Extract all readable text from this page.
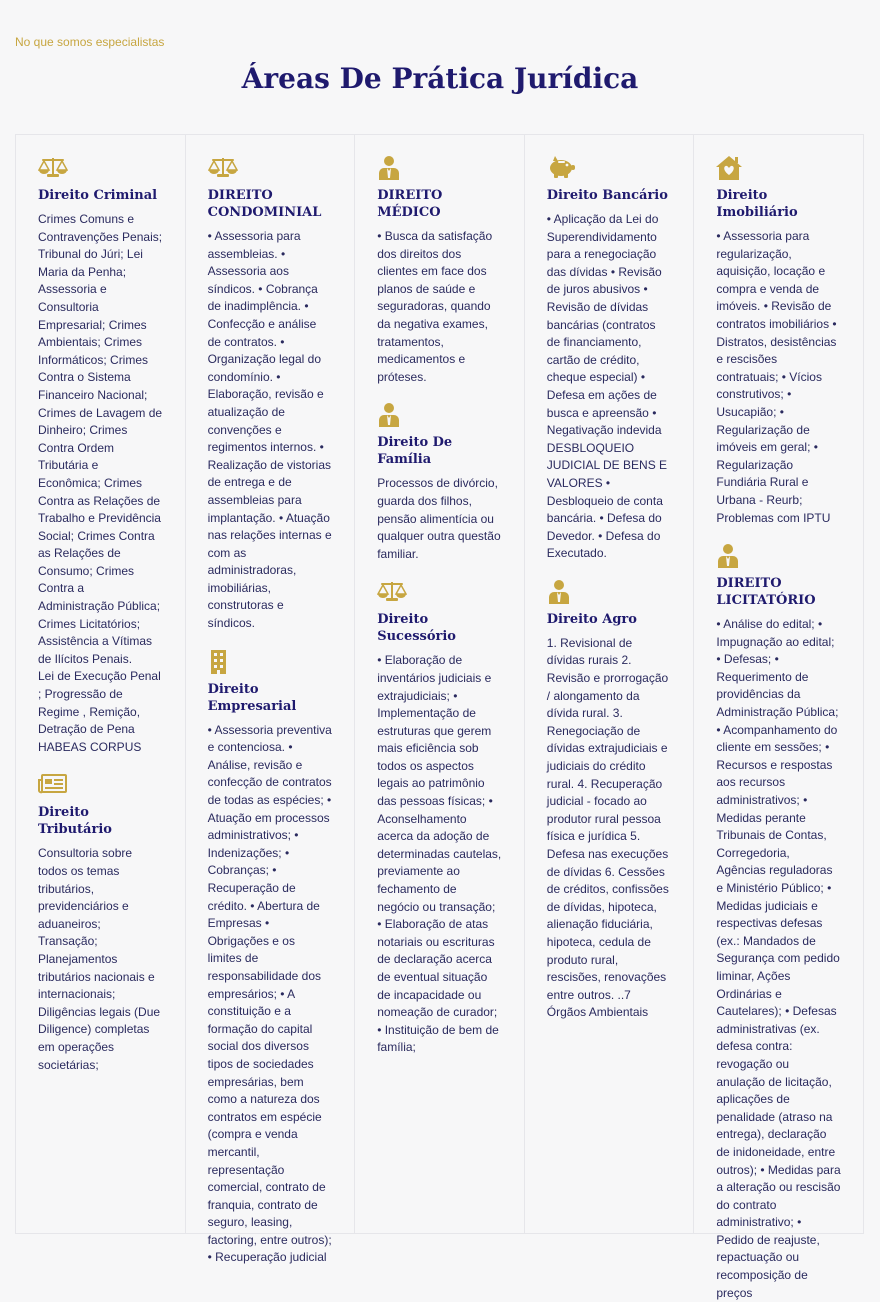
No que somos especialistas
Áreas De Prática Jurídica
Direito Criminal

Crimes Comuns e Contravenções Penais; Tribunal do Júri; Lei Maria da Penha; Assessoria e Consultoria Empresarial; Crimes Ambientais; Crimes Informáticos; Crimes Contra o Sistema Financeiro Nacional; Crimes de Lavagem de Dinheiro; Crimes Contra Ordem Tributária e Econômica; Crimes Contra as Relações de Trabalho e Previdência Social; Crimes Contra as Relações de Consumo; Crimes Contra a Administração Pública; Crimes Licitatórios; Assistência a Vítimas de Ilícitos Penais.
Lei de Execução Penal ; Progressão de Regime , Remição, Detração de Pena
HABEAS CORPUS

Direito Tributário

Consultoria sobre todos os temas tributários, previdenciários e aduaneiros; Transação; Planejamentos tributários nacionais e internacionais; Diligências legais (Due Diligence) completas em operações societárias;

DIREITO CONDOMINIAL

• Assessoria para assembleias. • Assessoria aos síndicos. • Cobrança de inadimplência. • Confecção e análise de contratos. • Organização legal do condomínio. • Elaboração, revisão e atualização de convenções e regimentos internos. • Realização de vistorias de entrega e de assembleias para implantação. • Atuação nas relações internas e com as administradoras, imobiliárias, construtoras e síndicos.

Direito Empresarial

• Assessoria preventiva e contenciosa. • Análise, revisão e confecção de contratos de todas as espécies; • Atuação em processos administrativos; • Indenizações; • Cobranças; • Recuperação de crédito. • Abertura de Empresas • Obrigações e os limites de responsabilidade dos empresários; • A constituição e a formação do capital social dos diversos tipos de sociedades empresárias, bem como a natureza dos contratos em espécie (compra e venda mercantil, representação comercial, contrato de franquia, contrato de seguro, leasing, factoring, entre outros); • Recuperação judicial

DIREITO MÉDICO

• Busca da satisfação dos direitos dos clientes em face dos planos de saúde e seguradoras, quando da negativa exames, tratamentos, medicamentos e próteses.

Direito De Família

Processos de divórcio, guarda dos filhos, pensão alimentícia ou qualquer outra questão familiar.

Direito Sucessório

• Elaboração de inventários judiciais e extrajudiciais; • Implementação de estruturas que gerem mais eficiência sob todos os aspectos legais ao patrimônio das pessoas físicas; • Aconselhamento acerca da adoção de determinadas cautelas, previamente ao fechamento de negócio ou transação; • Elaboração de atas notariais ou escrituras de declaração acerca de eventual situação de incapacidade ou nomeação de curador; • Instituição de bem de família;

Direito Bancário

• Aplicação da Lei do Superendividamento para a renegociação das dívidas • Revisão de juros abusivos • Revisão de dívidas bancárias (contratos de financiamento, cartão de crédito, cheque especial) • Defesa em ações de busca e apreensão • Negativação indevida DESBLOQUEIO JUDICIAL DE BENS E VALORES • Desbloqueio de conta bancária. • Defesa do Devedor. • Defesa do Executado.

Direito Agro

1. Revisional de dívidas rurais 2. Revisão e prorrogação / alongamento da dívida rural. 3. Renegociação de dívidas extrajudiciais e judiciais do crédito rural. 4. Recuperação judicial - focado ao produtor rural pessoa física e jurídica 5. Defesa nas execuções de dívidas 6. Cessões de créditos, confissões de dívidas, hipoteca, alienação fiduciária, hipoteca, cedula de produto rural, rescisões, renovações entre outros. ..7 Órgãos Ambientais

Direito Imobiliário

• Assessoria para regularização, aquisição, locação e compra e venda de imóveis. • Revisão de contratos imobiliários • Distratos, desistências e rescisões contratuais; • Vícios construtivos; • Usucapião; • Regularização de imóveis em geral; • Regularização Fundiária Rural e Urbana - Reurb; Problemas com IPTU

DIREITO LICITATÓRIO

• Análise do edital; • Impugnação ao edital; • Defesas; • Requerimento de providências da Administração Pública; • Acompanhamento do cliente em sessões; • Recursos e respostas aos recursos administrativos; • Medidas perante Tribunais de Contas, Corregedoria, Agências reguladoras e Ministério Público; • Medidas judiciais e respectivas defesas (ex.: Mandados de Segurança com pedido liminar, Ações Ordinárias e Cautelares); • Defesas administrativas (ex. defesa contra: revogação ou anulação de licitação, aplicações de penalidade (atraso na entrega), declaração de inidoneidade, entre outros); • Medidas para a alteração ou rescisão do contrato administrativo; • Pedido de reajuste, repactuação ou recomposição de preços
